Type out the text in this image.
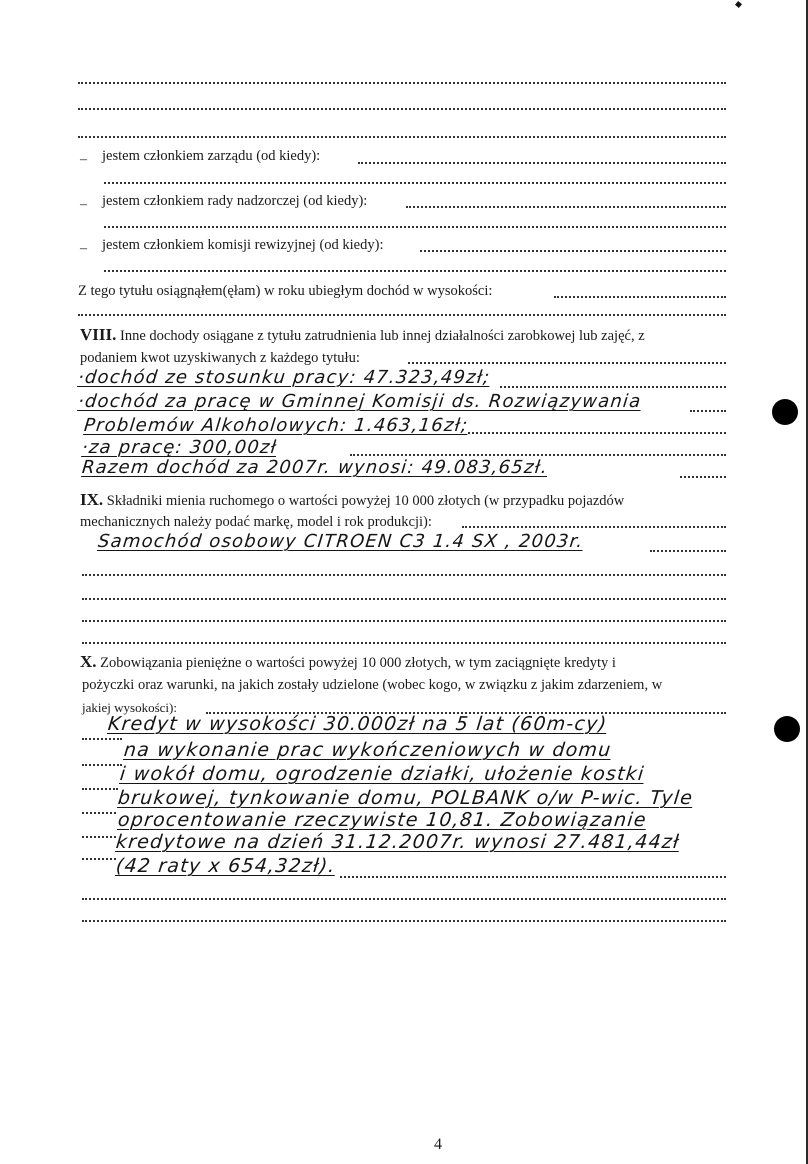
– jestem członkiem zarządu (od kiedy):
– jestem członkiem rady nadzorczej (od kiedy):
– jestem członkiem komisji rewizyjnej (od kiedy):
Z tego tytułu osiągnąłem(ęłam) w roku ubiegłym dochód w wysokości:
VIII. Inne dochody osiągane z tytułu zatrudnienia lub innej działalności zarobkowej lub zajęć, z
podaniem kwot uzyskiwanych z każdego tytułu:
·dochód ze stosunku pracy: 47.323,49zł;
·dochód za pracę w Gminnej Komisji ds. Rozwiązywania
Problemów Alkoholowych: 1.463,16zł;
·za pracę: 300,00zł
Razem dochód za 2007r. wynosi: 49.083,65zł.
IX. Składniki mienia ruchomego o wartości powyżej 10 000 złotych (w przypadku pojazdów
mechanicznych należy podać markę, model i rok produkcji):
Samochód osobowy CITROEN C3 1.4 SX , 2003r.
X. Zobowiązania pieniężne o wartości powyżej 10 000 złotych, w tym zaciągnięte kredyty i
pożyczki oraz warunki, na jakich zostały udzielone (wobec kogo, w związku z jakim zdarzeniem, w
jakiej wysokości):
Kredyt w wysokości 30.000zł na 5 lat (60m-cy)
na wykonanie prac wykończeniowych w domu
i wokół domu, ogrodzenie działki, ułożenie kostki
brukowej, tynkowanie domu, POLBANK o/w P-wic. Tyle
oprocentowanie rzeczywiste 10,81. Zobowiązanie
kredytowe na dzień 31.12.2007r. wynosi 27.481,44zł
(42 raty x 654,32zł).
4
